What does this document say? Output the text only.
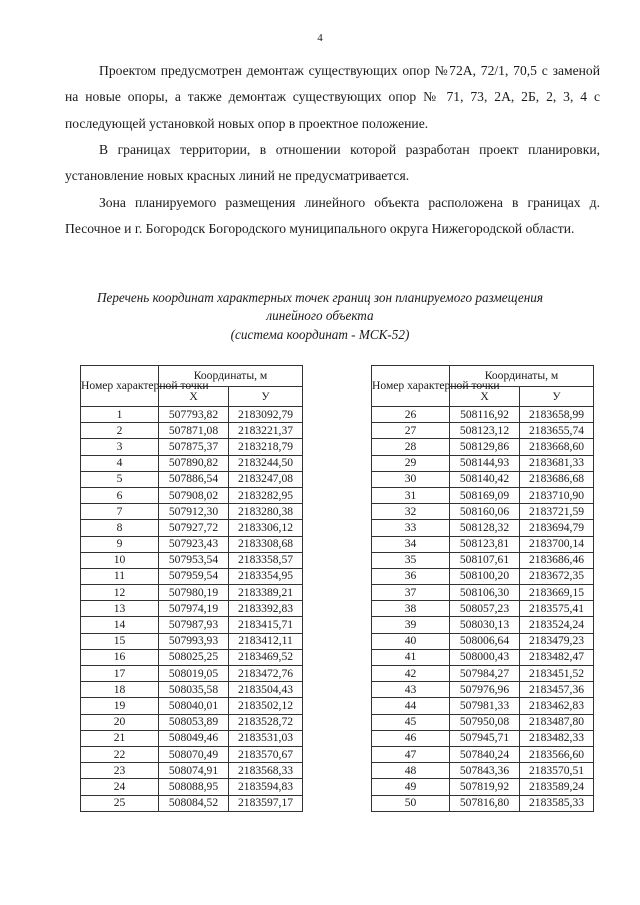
4

Проектом предусмотрен демонтаж существующих опор №72А, 72/1, 70,5 с заменой на новые опоры, а также демонтаж существующих опор № 71, 73, 2А, 2Б, 2, 3, 4 с последующей установкой новых опор в проектное положение.

В границах территории, в отношении которой разработан проект планировки, установление новых красных линий не предусматривается.

Зона планируемого размещения линейного объекта расположена в границах д. Песочное и г. Богородск Богородского муниципального округа Нижегородской области.

Перечень координат характерных точек границ зон планируемого размещения
линейного объекта
(система координат - МСК-52)
Номер характерной точки	Координаты, м	
	Х	У
1	507793,82	2183092,79
2	507871,08	2183221,37
3	507875,37	2183218,79
4	507890,82	2183244,50
5	507886,54	2183247,08
6	507908,02	2183282,95
7	507912,30	2183280,38
8	507927,72	2183306,12
9	507923,43	2183308,68
10	507953,54	2183358,57
11	507959,54	2183354,95
12	507980,19	2183389,21
13	507974,19	2183392,83
14	507987,93	2183415,71
15	507993,93	2183412,11
16	508025,25	2183469,52
17	508019,05	2183472,76
18	508035,58	2183504,43
19	508040,01	2183502,12
20	508053,89	2183528,72
21	508049,46	2183531,03
22	508070,49	2183570,67
23	508074,91	2183568,33
24	508088,95	2183594,83
25	508084,52	2183597,17
Номер характерной точки	Координаты, м	
	Х	У
26	508116,92	2183658,99
27	508123,12	2183655,74
28	508129,86	2183668,60
29	508144,93	2183681,33
30	508140,42	2183686,68
31	508169,09	2183710,90
32	508160,06	2183721,59
33	508128,32	2183694,79
34	508123,81	2183700,14
35	508107,61	2183686,46
36	508100,20	2183672,35
37	508106,30	2183669,15
38	508057,23	2183575,41
39	508030,13	2183524,24
40	508006,64	2183479,23
41	508000,43	2183482,47
42	507984,27	2183451,52
43	507976,96	2183457,36
44	507981,33	2183462,83
45	507950,08	2183487,80
46	507945,71	2183482,33
47	507840,24	2183566,60
48	507843,36	2183570,51
49	507819,92	2183589,24
50	507816,80	2183585,33
